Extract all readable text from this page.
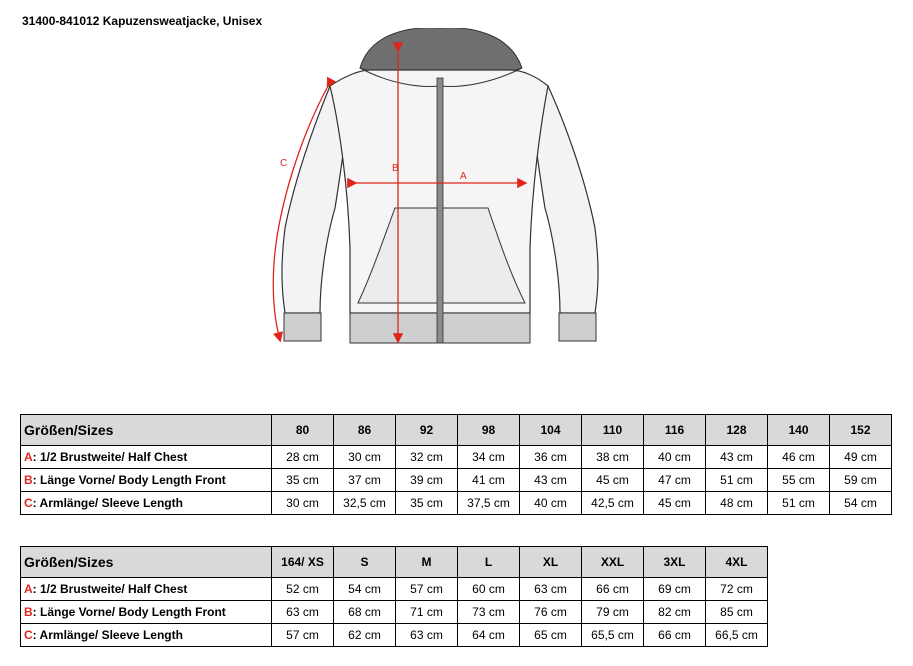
31400-841012 Kapuzensweatjacke, Unisex
A
B
C
Größen/Sizes	80	86	92	98	104	110	116	128	140	152
A: 1/2 Brustweite/ Half Chest	28 cm	30 cm	32 cm	34 cm	36 cm	38 cm	40 cm	43 cm	46 cm	49 cm
B: Länge Vorne/ Body Length Front	35 cm	37 cm	39 cm	41 cm	43 cm	45 cm	47 cm	51 cm	55 cm	59 cm
C: Armlänge/ Sleeve Length	30 cm	32,5 cm	35 cm	37,5 cm	40 cm	42,5 cm	45 cm	48 cm	51 cm	54 cm
Größen/Sizes	164/ XS	S	M	L	XL	XXL	3XL	4XL
A: 1/2 Brustweite/ Half Chest	52 cm	54 cm	57 cm	60 cm	63 cm	66 cm	69 cm	72 cm
B: Länge Vorne/ Body Length Front	63 cm	68 cm	71 cm	73 cm	76 cm	79 cm	82 cm	85 cm
C: Armlänge/ Sleeve Length	57 cm	62 cm	63 cm	64 cm	65 cm	65,5 cm	66 cm	66,5 cm
